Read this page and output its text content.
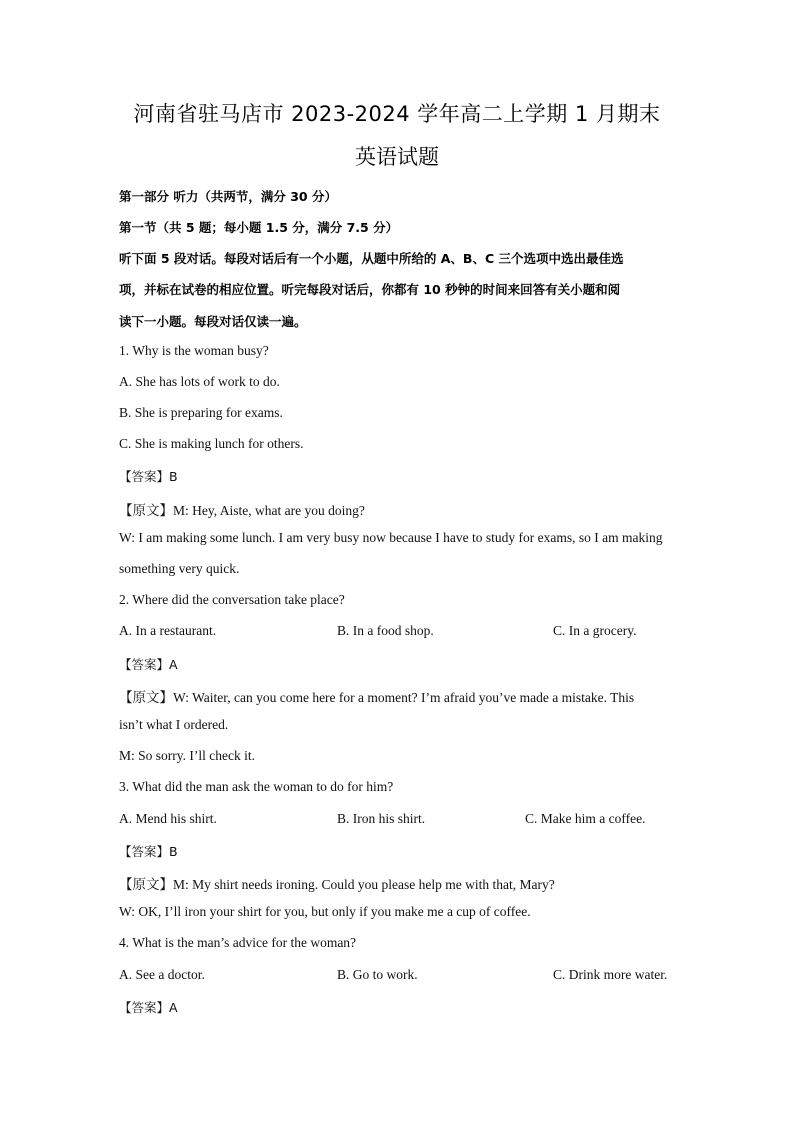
河南省驻马店市 2023-2024 学年高二上学期 1 月期末
英语试题
第一部分 听力（共两节，满分 30 分）
第一节（共 5 题；每小题 1.5 分，满分 7.5 分）
听下面 5 段对话。每段对话后有一个小题，从题中所给的 A、B、C 三个选项中选出最佳选
项，并标在试卷的相应位置。听完每段对话后，你都有 10 秒钟的时间来回答有关小题和阅
读下一小题。每段对话仅读一遍。
1. Why is the woman busy?
A. She has lots of work to do.
B. She is preparing for exams.
C. She is making lunch for others.
【答案】B
【原文】M: Hey, Aiste, what are you doing?
W: I am making some lunch. I am very busy now because I have to study for exams, so I am making
something very quick.
2. Where did the conversation take place?
A. In a restaurant.	B. In a food shop.	C. In a grocery.
【答案】A
【原文】W: Waiter, can you come here for a moment? I’m afraid you’ve made a mistake. This
isn’t what I ordered.
M: So sorry. I’ll check it.
3. What did the man ask the woman to do for him?
A. Mend his shirt.	B. Iron his shirt.	C. Make him a coffee.
【答案】B
【原文】M: My shirt needs ironing. Could you please help me with that, Mary?
W: OK, I’ll iron your shirt for you, but only if you make me a cup of coffee.
4. What is the man’s advice for the woman?
A. See a doctor.	B. Go to work.	C. Drink more water.
【答案】A
